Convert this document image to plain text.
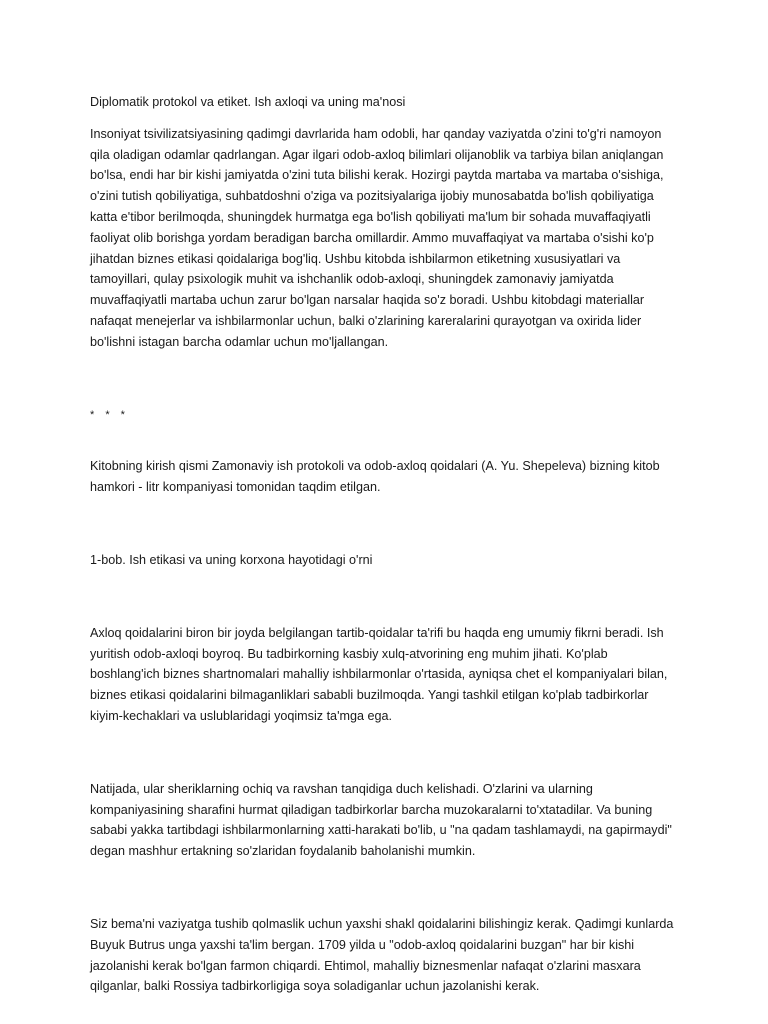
Diplomatik protokol va etiket. Ish axloqi va uning ma'nosi

Insoniyat tsivilizatsiyasining qadimgi davrlarida ham odobli, har qanday vaziyatda o'zini to'g'ri namoyon qila oladigan odamlar qadrlangan. Agar ilgari odob-axloq bilimlari olijanoblik va tarbiya bilan aniqlangan bo'lsa, endi har bir kishi jamiyatda o'zini tuta bilishi kerak. Hozirgi paytda martaba va martaba o'sishiga, o'zini tutish qobiliyatiga, suhbatdoshni o'ziga va pozitsiyalariga ijobiy munosabatda bo'lish qobiliyatiga katta e'tibor berilmoqda, shuningdek hurmatga ega bo'lish qobiliyati ma'lum bir sohada muvaffaqiyatli faoliyat olib borishga yordam beradigan barcha omillardir. Ammo muvaffaqiyat va martaba o'sishi ko'p jihatdan biznes etikasi qoidalariga bog'liq. Ushbu kitobda ishbilarmon etiketning xususiyatlari va tamoyillari, qulay psixologik muhit va ishchanlik odob-axloqi, shuningdek zamonaviy jamiyatda muvaffaqiyatli martaba uchun zarur bo'lgan narsalar haqida so'z boradi. Ushbu kitobdagi materiallar nafaqat menejerlar va ishbilarmonlar uchun, balki o'zlarining kareralarini qurayotgan va oxirida lider bo'lishni istagan barcha odamlar uchun mo'ljallangan.

* * *

Kitobning kirish qismi Zamonaviy ish protokoli va odob-axloq qoidalari (A. Yu. Shepeleva) bizning kitob hamkori - litr kompaniyasi tomonidan taqdim etilgan.

1-bob. Ish etikasi va uning korxona hayotidagi o'rni

Axloq qoidalarini biron bir joyda belgilangan tartib-qoidalar ta'rifi bu haqda eng umumiy fikrni beradi. Ish yuritish odob-axloqi boyroq. Bu tadbirkorning kasbiy xulq-atvorining eng muhim jihati. Ko'plab boshlang'ich biznes shartnomalari mahalliy ishbilarmonlar o'rtasida, ayniqsa chet el kompaniyalari bilan, biznes etikasi qoidalarini bilmaganliklari sababli buzilmoqda. Yangi tashkil etilgan ko'plab tadbirkorlar kiyim-kechaklari va uslublaridagi yoqimsiz ta'mga ega.

Natijada, ular sheriklarning ochiq va ravshan tanqidiga duch kelishadi. O'zlarini va ularning kompaniyasining sharafini hurmat qiladigan tadbirkorlar barcha muzokaralarni to'xtatadilar. Va buning sababi yakka tartibdagi ishbilarmonlarning xatti-harakati bo'lib, u "na qadam tashlamaydi, na gapirmaydi" degan mashhur ertakning so'zlaridan foydalanib baholanishi mumkin.

Siz bema'ni vaziyatga tushib qolmaslik uchun yaxshi shakl qoidalarini bilishingiz kerak. Qadimgi kunlarda Buyuk Butrus unga yaxshi ta'lim bergan. 1709 yilda u "odob-axloq qoidalarini buzgan" har bir kishi jazolanishi kerak bo'lgan farmon chiqardi. Ehtimol, mahalliy biznesmenlar nafaqat o'zlarini masxara qilganlar, balki Rossiya tadbirkorligiga soya soladiganlar uchun jazolanishi kerak.
